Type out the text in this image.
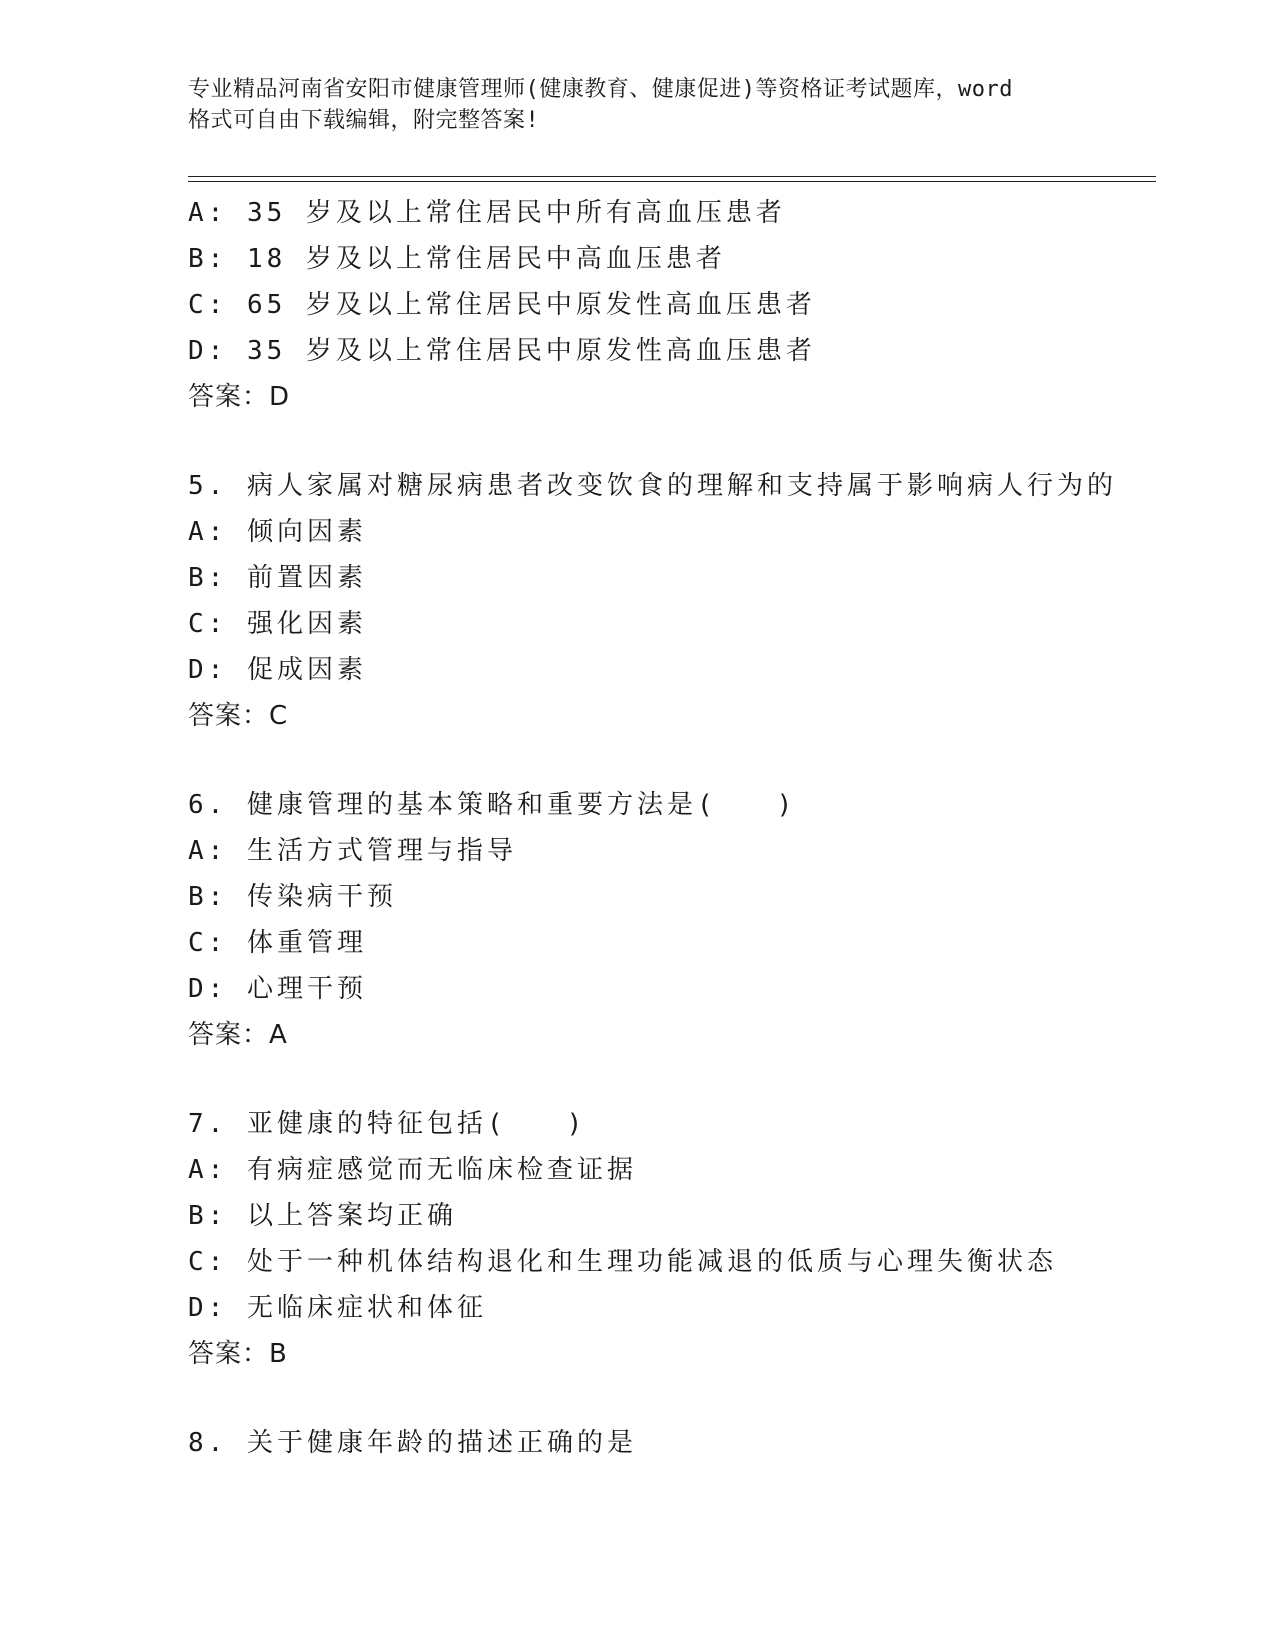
专业精品河南省安阳市健康管理师(健康教育、健康促进)等资格证考试题库，word
格式可自由下载编辑，附完整答案!
A: 35 岁及以上常住居民中所有高血压患者
B: 18 岁及以上常住居民中高血压患者
C: 65 岁及以上常住居民中原发性高血压患者
D: 35 岁及以上常住居民中原发性高血压患者
答案：D
5. 病人家属对糖尿病患者改变饮食的理解和支持属于影响病人行为的
A: 倾向因素
B: 前置因素
C: 强化因素
D: 促成因素
答案：C
6. 健康管理的基本策略和重要方法是(　　)
A: 生活方式管理与指导
B: 传染病干预
C: 体重管理
D: 心理干预
答案：A
7. 亚健康的特征包括(　　)
A: 有病症感觉而无临床检查证据
B: 以上答案均正确
C: 处于一种机体结构退化和生理功能减退的低质与心理失衡状态
D: 无临床症状和体征
答案：B
8. 关于健康年龄的描述正确的是
